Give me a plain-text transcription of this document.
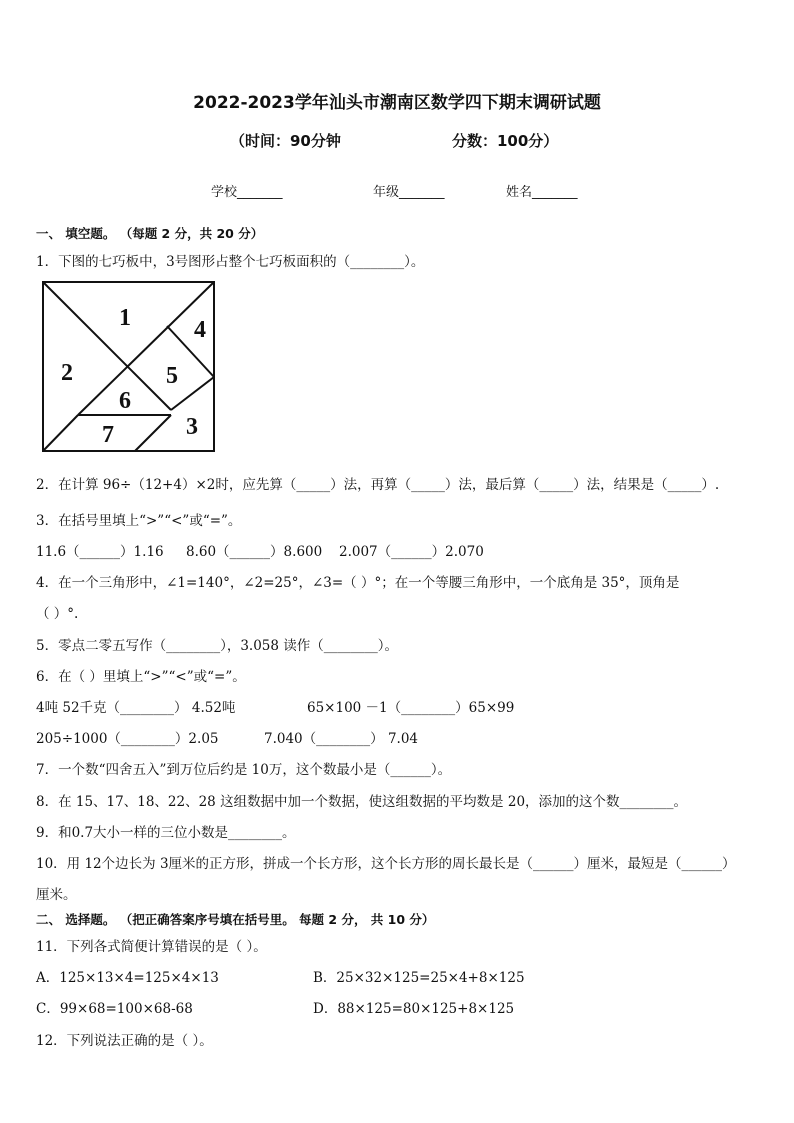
2022-2023学年汕头市潮南区数学四下期末调研试题
（时间：90分钟	分数：100分）
学校_______	年级_______	姓名_______
一、 填空题。 （每题 2 分，共 20 分）
1．下图的七巧板中，3号图形占整个七巧板面积的（________）。
1
2
3
4
5
6
7
2．在计算 96÷（12+4）×2时，应先算（_____）法，再算（_____）法，最后算（_____）法，结果是（_____）.
3．在括号里填上“>”“<”或“=”。
11.6（______）1.16 8.60（______）8.600 2.007（______）2.070
4．在一个三角形中，∠1=140°，∠2=25°，∠3=（ ）°；在一个等腰三角形中，一个底角是 35°，顶角是
（ ）°.
5．零点二零五写作（________），3.058 读作（________）。
6．在（ ）里填上“>”“<”或“=”。
4吨 52千克（________） 4.52吨	65×100 －1（________）65×99
205÷1000（________）2.05	7.040（________） 7.04
7．一个数“四舍五入”到万位后约是 10万，这个数最小是（______）。
8．在 15、17、18、22、28 这组数据中加一个数据，使这组数据的平均数是 20，添加的这个数________。
9．和0.7大小一样的三位小数是________。
10．用 12个边长为 3厘米的正方形，拼成一个长方形，这个长方形的周长最长是（______）厘米，最短是（______）
厘米。
二、 选择题。 （把正确答案序号填在括号里。 每题 2 分， 共 10 分）
11．下列各式简便计算错误的是（ ）。
A．125×13×4=125×4×13	B．25×32×125=25×4+8×125
C．99×68=100×68-68	D．88×125=80×125+8×125
12．下列说法正确的是（ ）。
